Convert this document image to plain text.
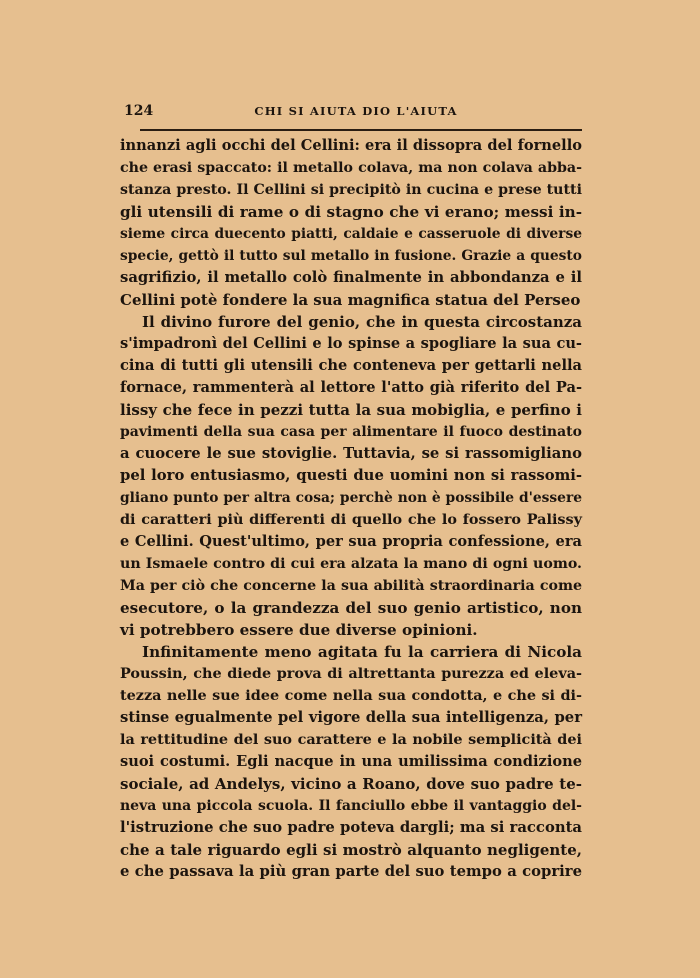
124	CHI SI AIUTA DIO L'AIUTA
innanzi agli occhi del Cellini: era il dissopra del fornello
che erasi spaccato: il metallo colava, ma non colava abba-
stanza presto. Il Cellini si precipitò in cucina e prese tutti
gli utensili di rame o di stagno che vi erano; messi in-
sieme circa duecento piatti, caldaie e casseruole di diverse
specie, gettò il tutto sul metallo in fusione. Grazie a questo
sagrifizio, il metallo colò finalmente in abbondanza e il
Cellini potè fondere la sua magnifica statua del Perseo
Il divino furore del genio, che in questa circostanza
s'impadronì del Cellini e lo spinse a spogliare la sua cu-
cina di tutti gli utensili che conteneva per gettarli nella
fornace, rammenterà al lettore l'atto già riferito del Pa-
lissy che fece in pezzi tutta la sua mobiglia, e perfino i
pavimenti della sua casa per alimentare il fuoco destinato
a cuocere le sue stoviglie. Tuttavia, se si rassomigliano
pel loro entusiasmo, questi due uomini non si rassomi-
gliano punto per altra cosa; perchè non è possibile d'essere
di caratteri più differenti di quello che lo fossero Palissy
e Cellini. Quest'ultimo, per sua propria confessione, era
un Ismaele contro di cui era alzata la mano di ogni uomo.
Ma per ciò che concerne la sua abilità straordinaria come
esecutore, o la grandezza del suo genio artistico, non
vi potrebbero essere due diverse opinioni.
Infinitamente meno agitata fu la carriera di Nicola
Poussin, che diede prova di altrettanta purezza ed eleva-
tezza nelle sue idee come nella sua condotta, e che si di-
stinse egualmente pel vigore della sua intelligenza, per
la rettitudine del suo carattere e la nobile semplicità dei
suoi costumi. Egli nacque in una umilissima condizione
sociale, ad Andelys, vicino a Roano, dove suo padre te-
neva una piccola scuola. Il fanciullo ebbe il vantaggio del-
l'istruzione che suo padre poteva dargli; ma si racconta
che a tale riguardo egli si mostrò alquanto negligente,
e che passava la più gran parte del suo tempo a coprire
